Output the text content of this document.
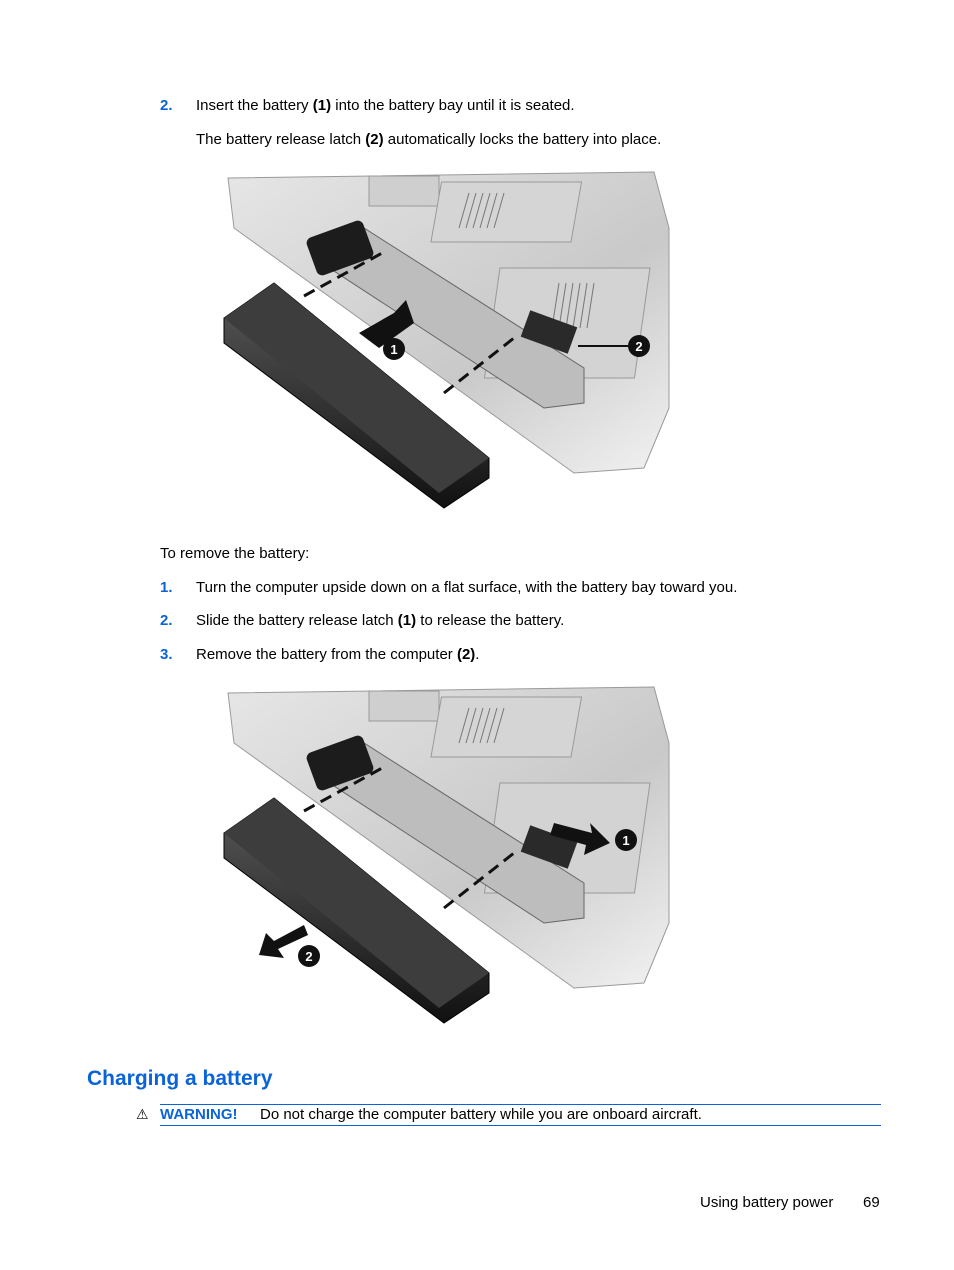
2. Insert the battery (1) into the battery bay until it is seated.
The battery release latch (2) automatically locks the battery into place.
1	2
To remove the battery:
1. Turn the computer upside down on a flat surface, with the battery bay toward you.
2. Slide the battery release latch (1) to release the battery.
3. Remove the battery from the computer (2).
1
2
Charging a battery
⚠ WARNING! Do not charge the computer battery while you are onboard aircraft.
Using battery power 69
